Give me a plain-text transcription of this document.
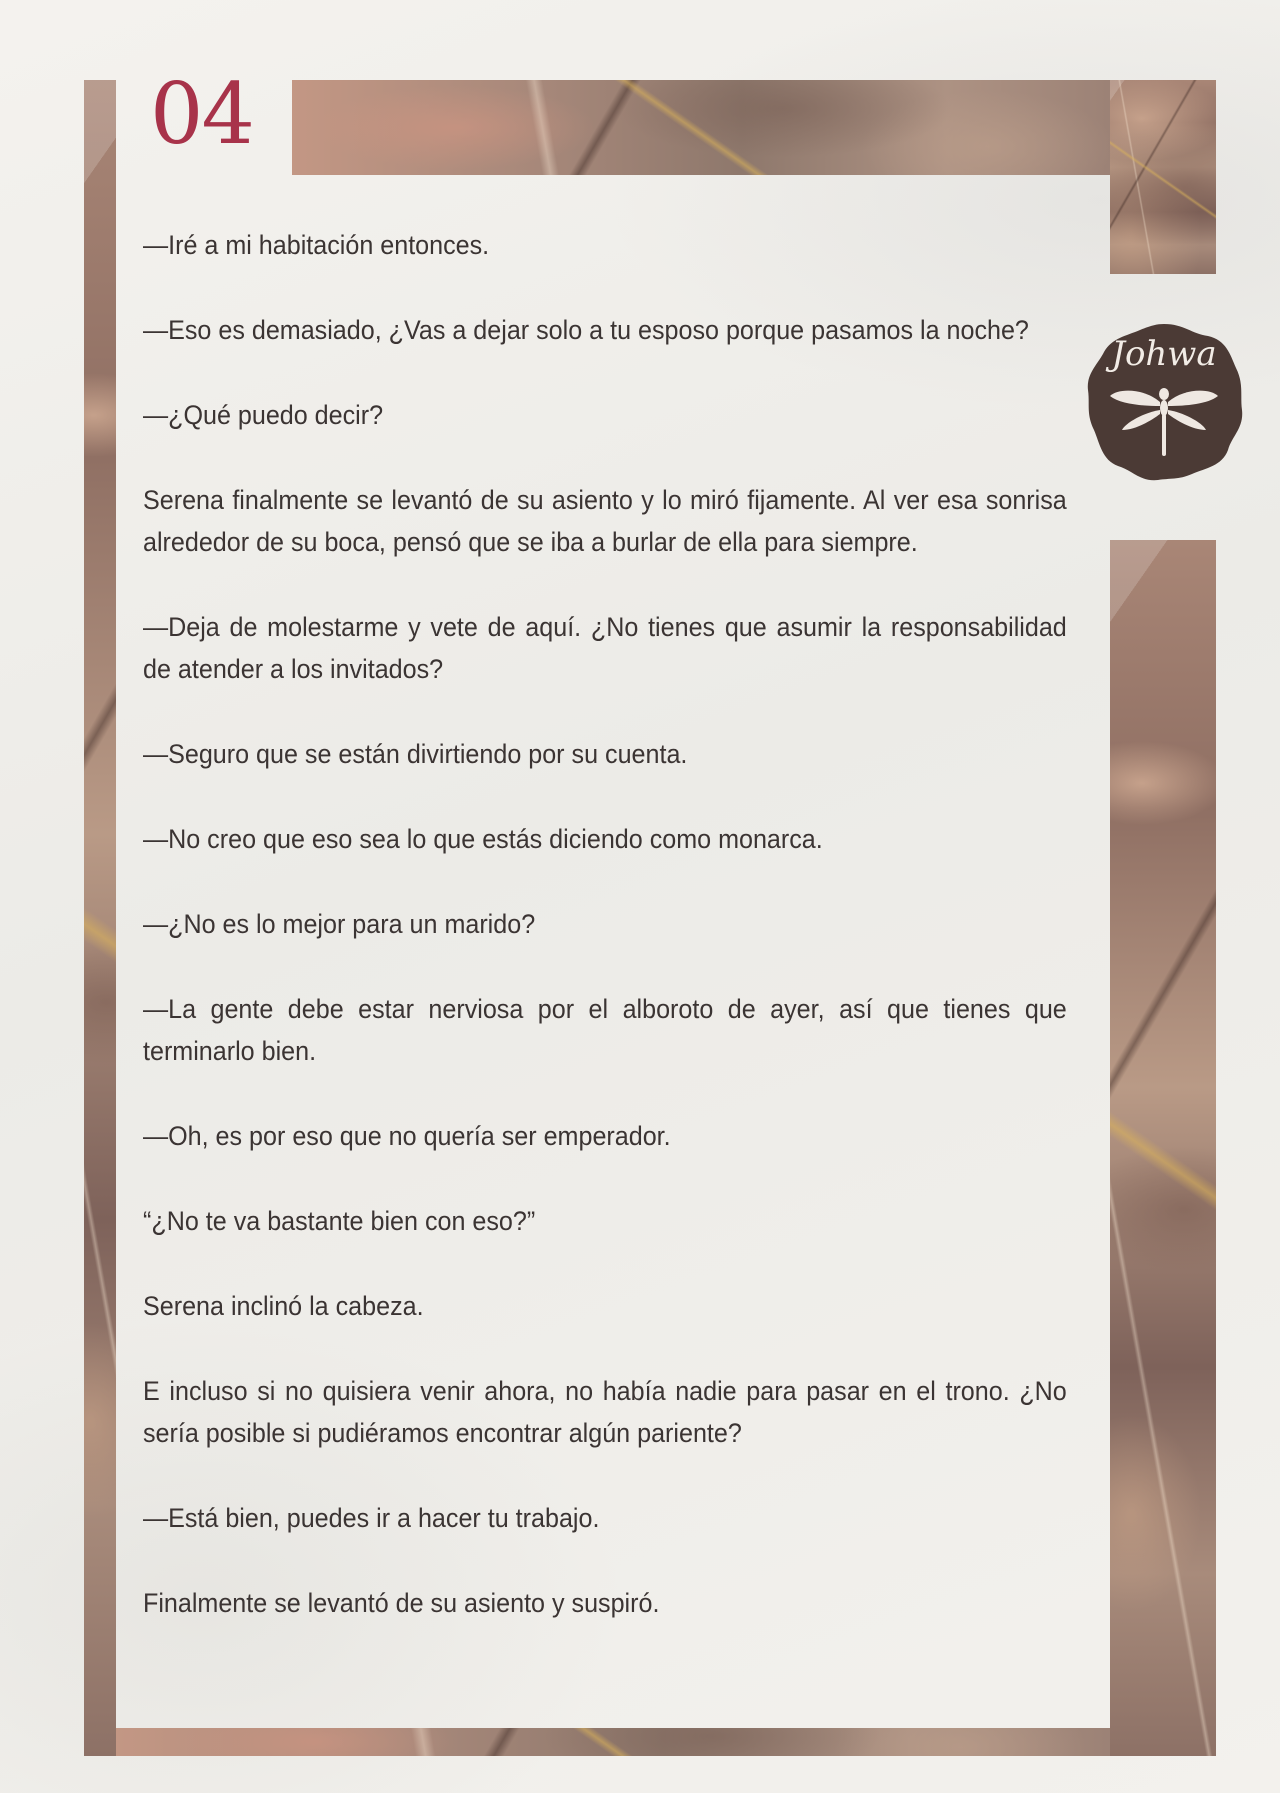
04
Johwa

—Iré a mi habitación entonces.

—Eso es demasiado, ¿Vas a dejar solo a tu esposo porque pasamos la noche?

—¿Qué puedo decir?

Serena finalmente se levantó de su asiento y lo miró fijamente. Al ver esa sonrisa alrededor de su boca, pensó que se iba a burlar de ella para siempre.

—Deja de molestarme y vete de aquí. ¿No tienes que asumir la responsabilidad de atender a los invitados?

—Seguro que se están divirtiendo por su cuenta.

—No creo que eso sea lo que estás diciendo como monarca.

—¿No es lo mejor para un marido?

—La gente debe estar nerviosa por el alboroto de ayer, así que tienes que terminarlo bien.

—Oh, es por eso que no quería ser emperador.

“¿No te va bastante bien con eso?”

Serena inclinó la cabeza.

E incluso si no quisiera venir ahora, no había nadie para pasar en el trono. ¿No sería posible si pudiéramos encontrar algún pariente?

—Está bien, puedes ir a hacer tu trabajo.

Finalmente se levantó de su asiento y suspiró.
